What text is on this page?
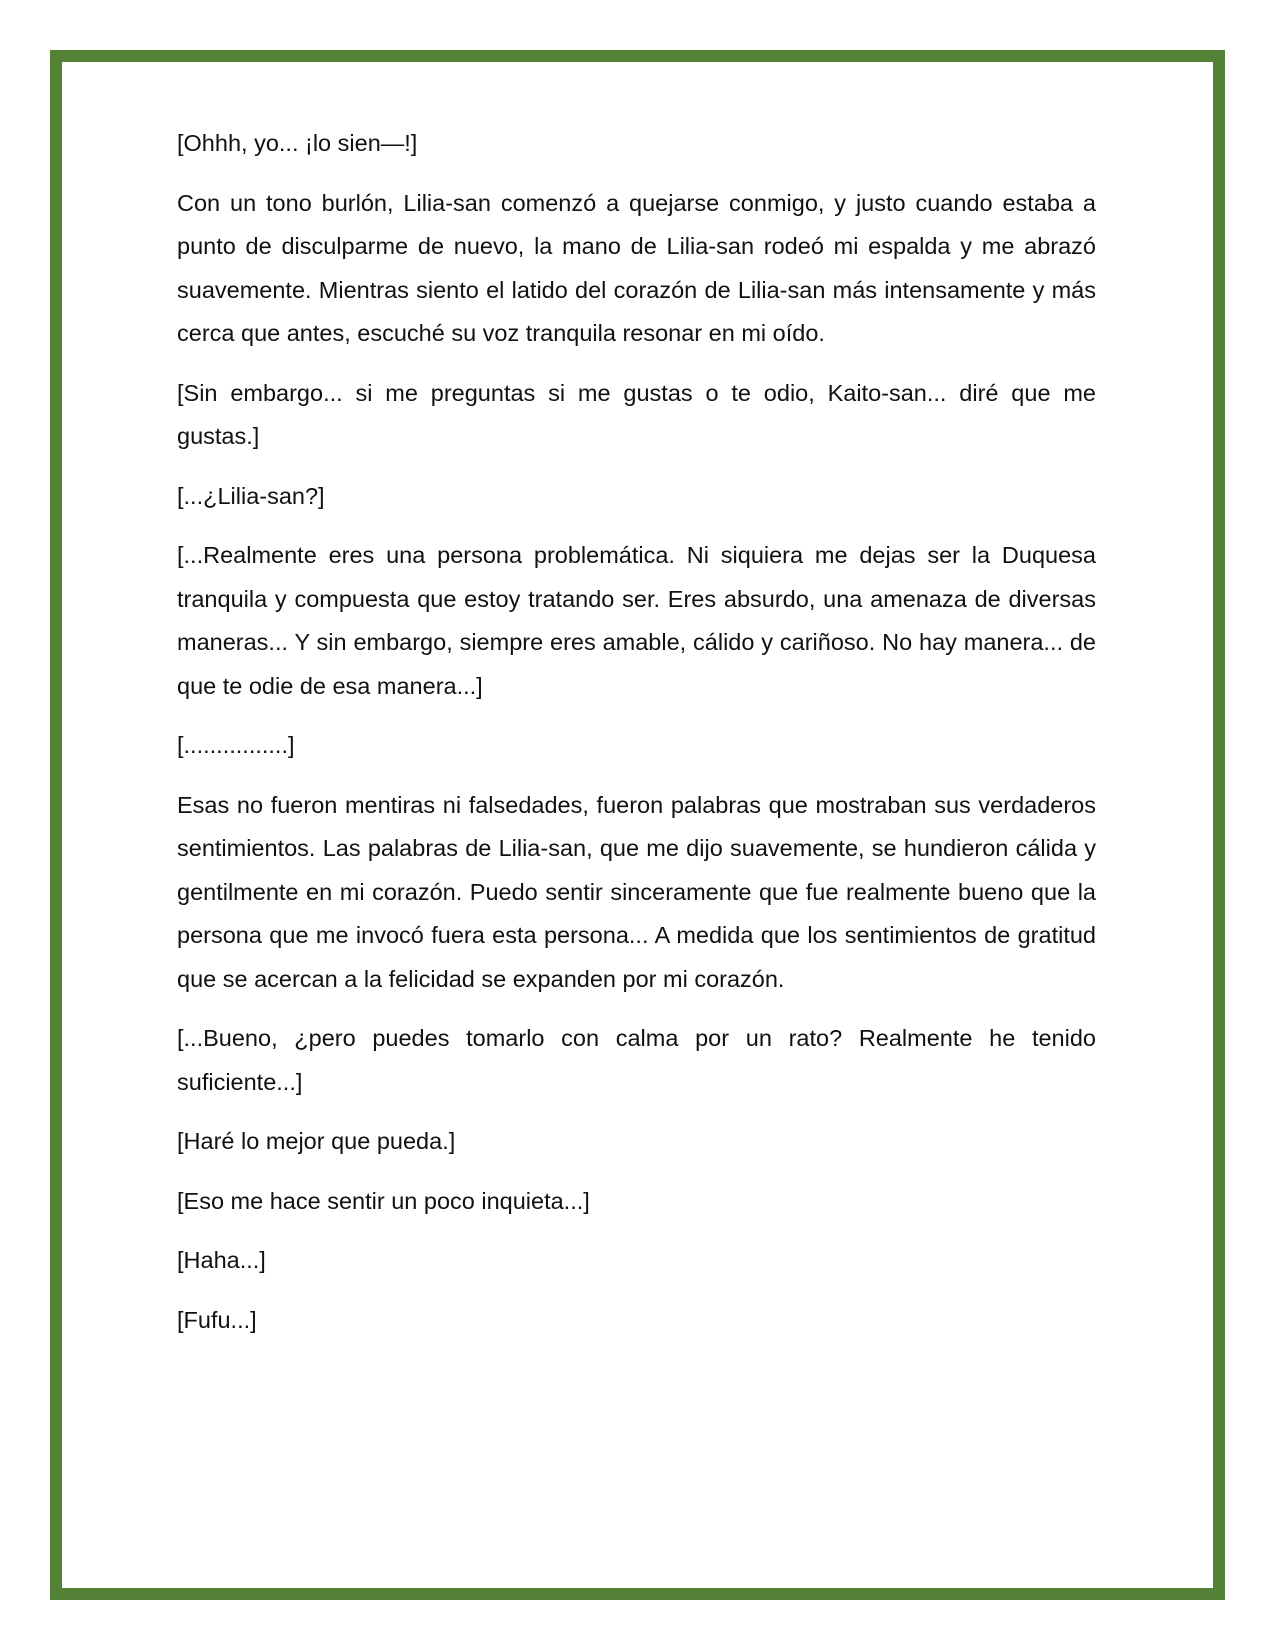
[Ohhh, yo... ¡lo sien—!]

Con un tono burlón, Lilia-san comenzó a quejarse conmigo, y justo cuando estaba a punto de disculparme de nuevo, la mano de Lilia-san rodeó mi espalda y me abrazó suavemente. Mientras siento el latido del corazón de Lilia-san más intensamente y más cerca que antes, escuché su voz tranquila resonar en mi oído.

[Sin embargo... si me preguntas si me gustas o te odio, Kaito-san... diré que me gustas.]

[...¿Lilia-san?]

[...Realmente eres una persona problemática. Ni siquiera me dejas ser la Duquesa tranquila y compuesta que estoy tratando ser. Eres absurdo, una amenaza de diversas maneras... Y sin embargo, siempre eres amable, cálido y cariñoso. No hay manera... de que te odie de esa manera...]

[................]

Esas no fueron mentiras ni falsedades, fueron palabras que mostraban sus verdaderos sentimientos. Las palabras de Lilia-san, que me dijo suavemente, se hundieron cálida y gentilmente en mi corazón. Puedo sentir sinceramente que fue realmente bueno que la persona que me invocó fuera esta persona... A medida que los sentimientos de gratitud que se acercan a la felicidad se expanden por mi corazón.

[...Bueno, ¿pero puedes tomarlo con calma por un rato? Realmente he tenido suficiente...]

[Haré lo mejor que pueda.]

[Eso me hace sentir un poco inquieta...]

[Haha...]

[Fufu...]
